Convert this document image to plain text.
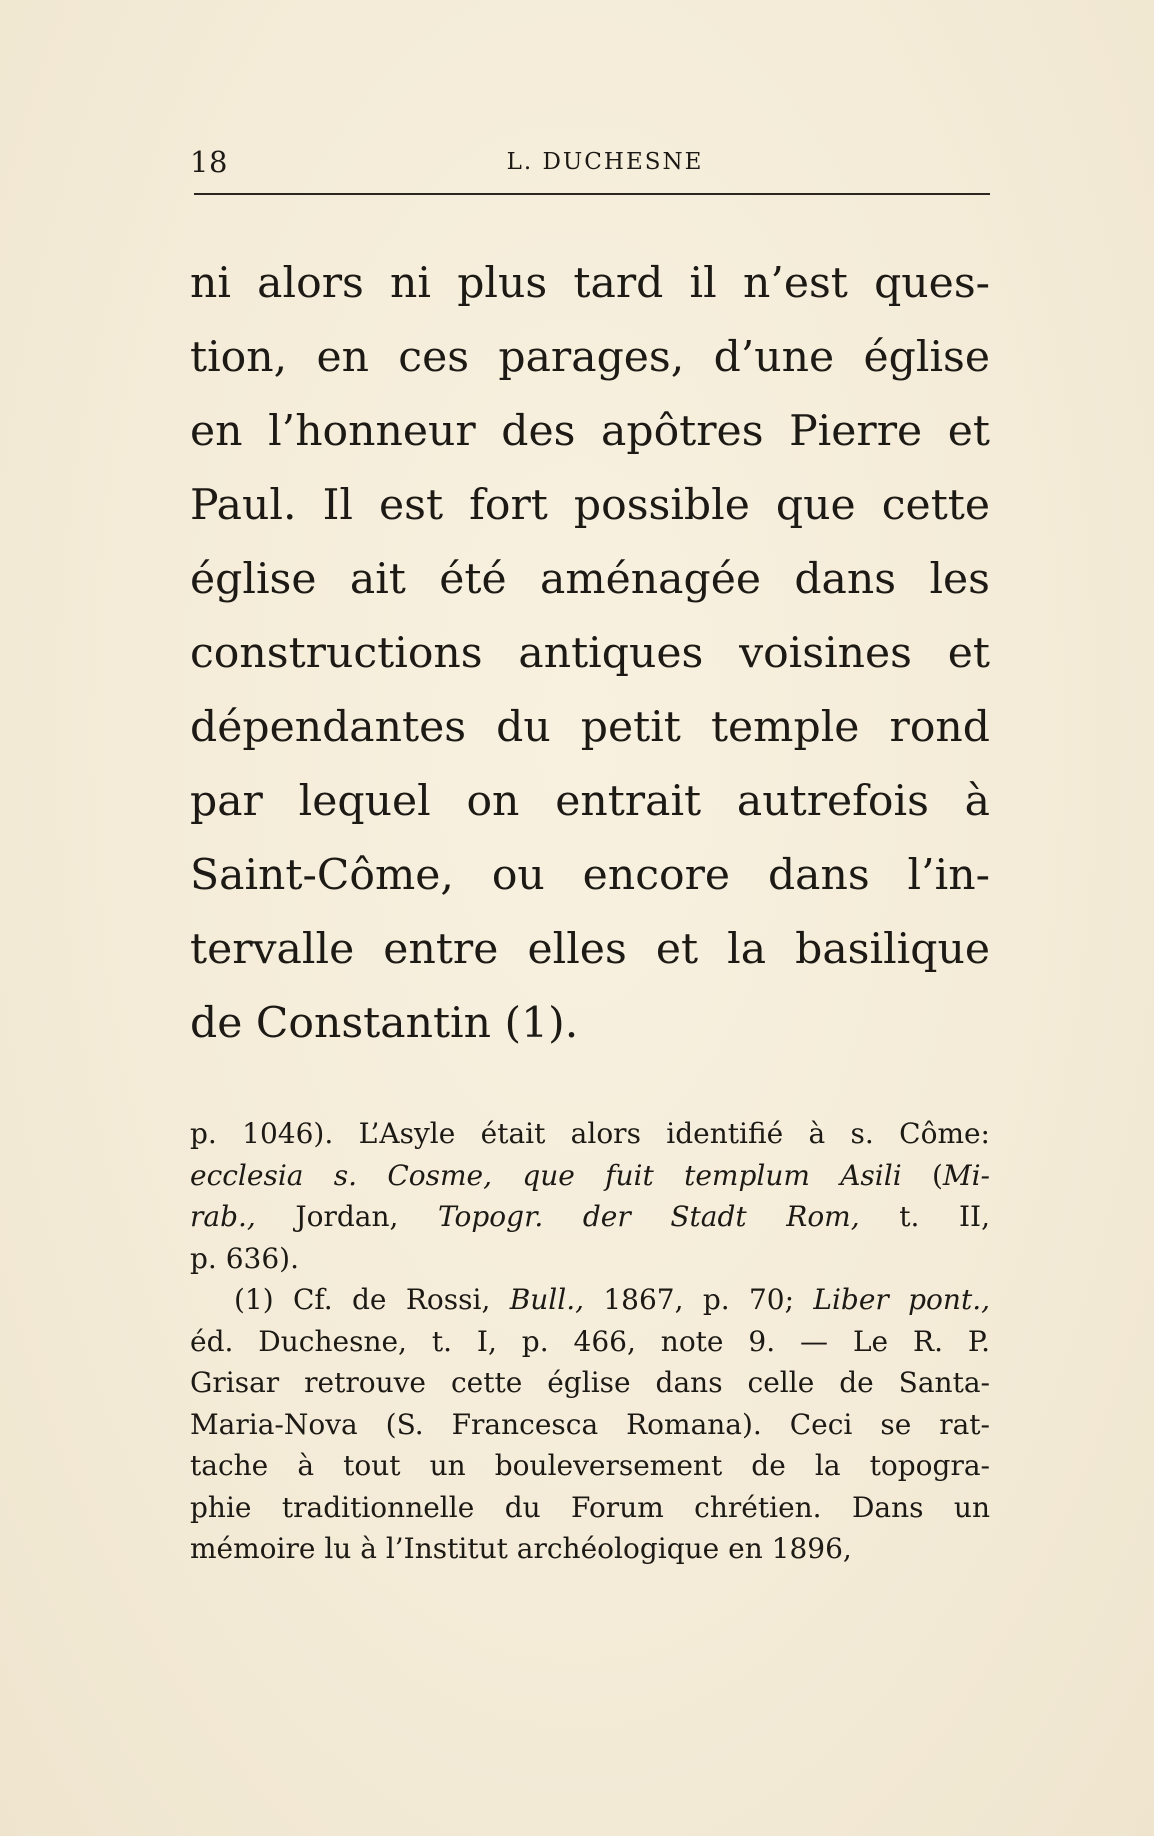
18	L. DUCHESNE
ni alors ni plus tard il n’est ques-
tion, en ces parages, d’une église
en l’honneur des apôtres Pierre et
Paul. Il est fort possible que cette
église ait été aménagée dans les
constructions antiques voisines et
dépendantes du petit temple rond
par lequel on entrait autrefois à
Saint-Côme, ou encore dans l’in-
tervalle entre elles et la basilique
de Constantin (1).
p. 1046). L’Asyle était alors identifié à s. Côme:
ecclesia s. Cosme, que fuit templum Asili (Mi-
rab., Jordan, Topogr. der Stadt Rom, t. II,
p. 636).
(1) Cf. de Rossi, Bull., 1867, p. 70; Liber pont.,
éd. Duchesne, t. I, p. 466, note 9. — Le R. P.
Grisar retrouve cette église dans celle de Santa-
Maria-Nova (S. Francesca Romana). Ceci se rat-
tache à tout un bouleversement de la topogra-
phie traditionnelle du Forum chrétien. Dans un
mémoire lu à l’Institut archéologique en 1896,
